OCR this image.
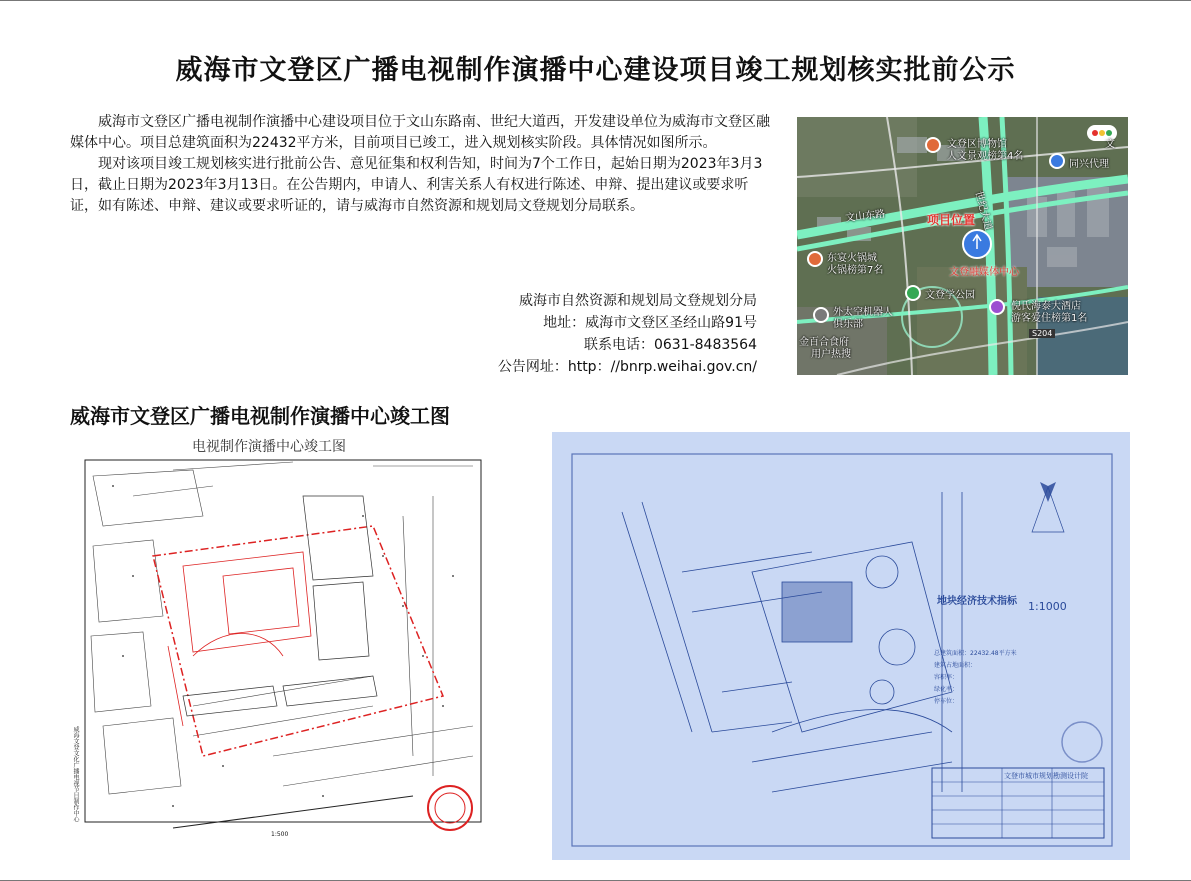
威海市文登区广播电视制作演播中心建设项目竣工规划核实批前公示

威海市文登区广播电视制作演播中心建设项目位于文山东路南、世纪大道西，开发建设单位为威海市文登区融媒体中心。项目总建筑面积为22432平方米，目前项目已竣工，进入规划核实阶段。具体情况如图所示。

现对该项目竣工规划核实进行批前公告、意见征集和权利告知，时间为7个工作日，起始日期为2023年3月3日，截止日期为2023年3月13日。在公告期内，申请人、利害关系人有权进行陈述、申辩、提出建议或要求听证，如有陈述、申辩、建议或要求听证的，请与威海市自然资源和规划局文登规划分局联系。

威海市自然资源和规划局文登规划分局
地址：威海市文登区圣经山路91号
联系电话：0631-8483564
公告网址：http：//bnrp.weihai.gov.cn/
文登区博物馆
人文景观榜第4名
同兴代理
文山东路	世纪大道
文
项目位置
文登融媒体中心
东宴火锅城
火锅榜第7名
文登学公园
外太空机器人俱乐部
金百合食府
用户热搜
倪氏海泰大酒店
游客爱住榜第1名
S204
威海市文登区广播电视制作演播中心竣工图
电视制作演播中心竣工图
1:500
威海文登文化广播电视节目制作中心
1:1000
地块经济技术指标
总建筑面积：22432.48平方米
建筑占地面积：
容积率：
绿化率：
停车位：
文登市城市规划勘测设计院
